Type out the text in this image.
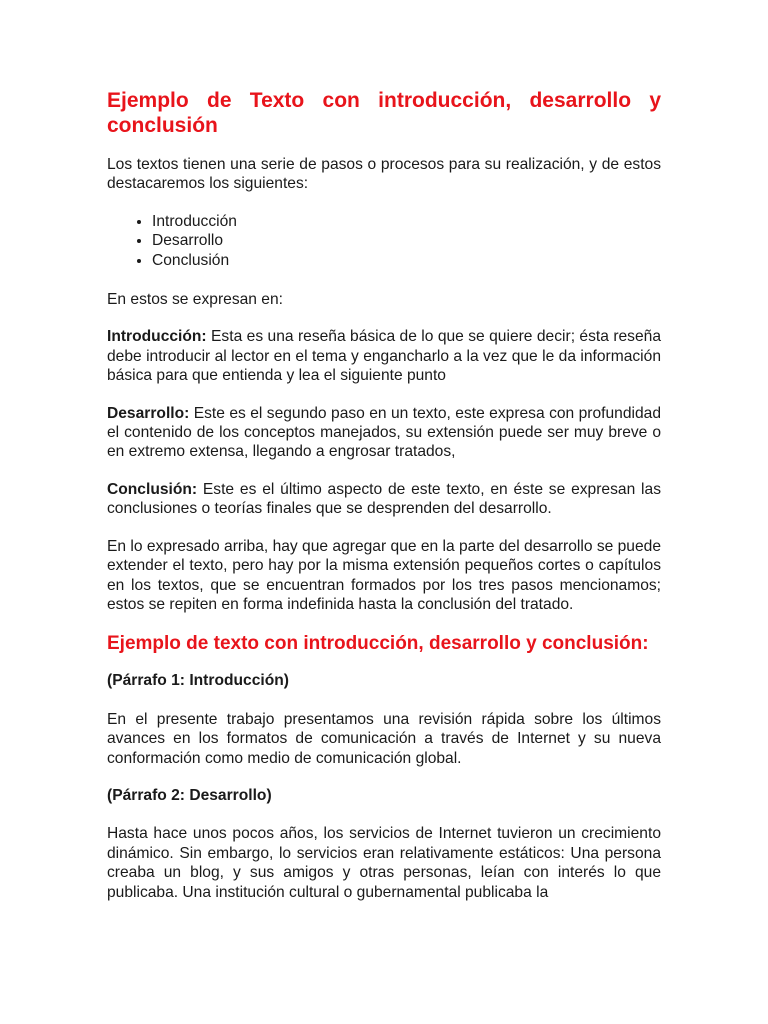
Ejemplo de Texto con introducción, desarrollo y
conclusión

Los textos tienen una serie de pasos o procesos para su realización, y de estos destacaremos los siguientes:

• Introducción
• Desarrollo
• Conclusión

En estos se expresan en:

Introducción: Esta es una reseña básica de lo que se quiere decir; ésta reseña debe introducir al lector en el tema y engancharlo a la vez que le da información básica para que entienda y lea el siguiente punto

Desarrollo: Este es el segundo paso en un texto, este expresa con profundidad el contenido de los conceptos manejados, su extensión puede ser muy breve o en extremo extensa, llegando a engrosar tratados,

Conclusión: Este es el último aspecto de este texto, en éste se expresan las conclusiones o teorías finales que se desprenden del desarrollo.

En lo expresado arriba, hay que agregar que en la parte del desarrollo se puede extender el texto, pero hay por la misma extensión pequeños cortes o capítulos en los textos, que se encuentran formados por los tres pasos mencionamos; estos se repiten en forma indefinida hasta la conclusión del tratado.

Ejemplo de texto con introducción, desarrollo y conclusión:
(Párrafo 1: Introducción)

En el presente trabajo presentamos una revisión rápida sobre los últimos avances en los formatos de comunicación a través de Internet y su nueva conformación como medio de comunicación global.

(Párrafo 2: Desarrollo)

Hasta hace unos pocos años, los servicios de Internet tuvieron un crecimiento dinámico. Sin embargo, lo servicios eran relativamente estáticos: Una persona creaba un blog, y sus amigos y otras personas, leían con interés lo que publicaba. Una institución cultural o gubernamental publicaba la
